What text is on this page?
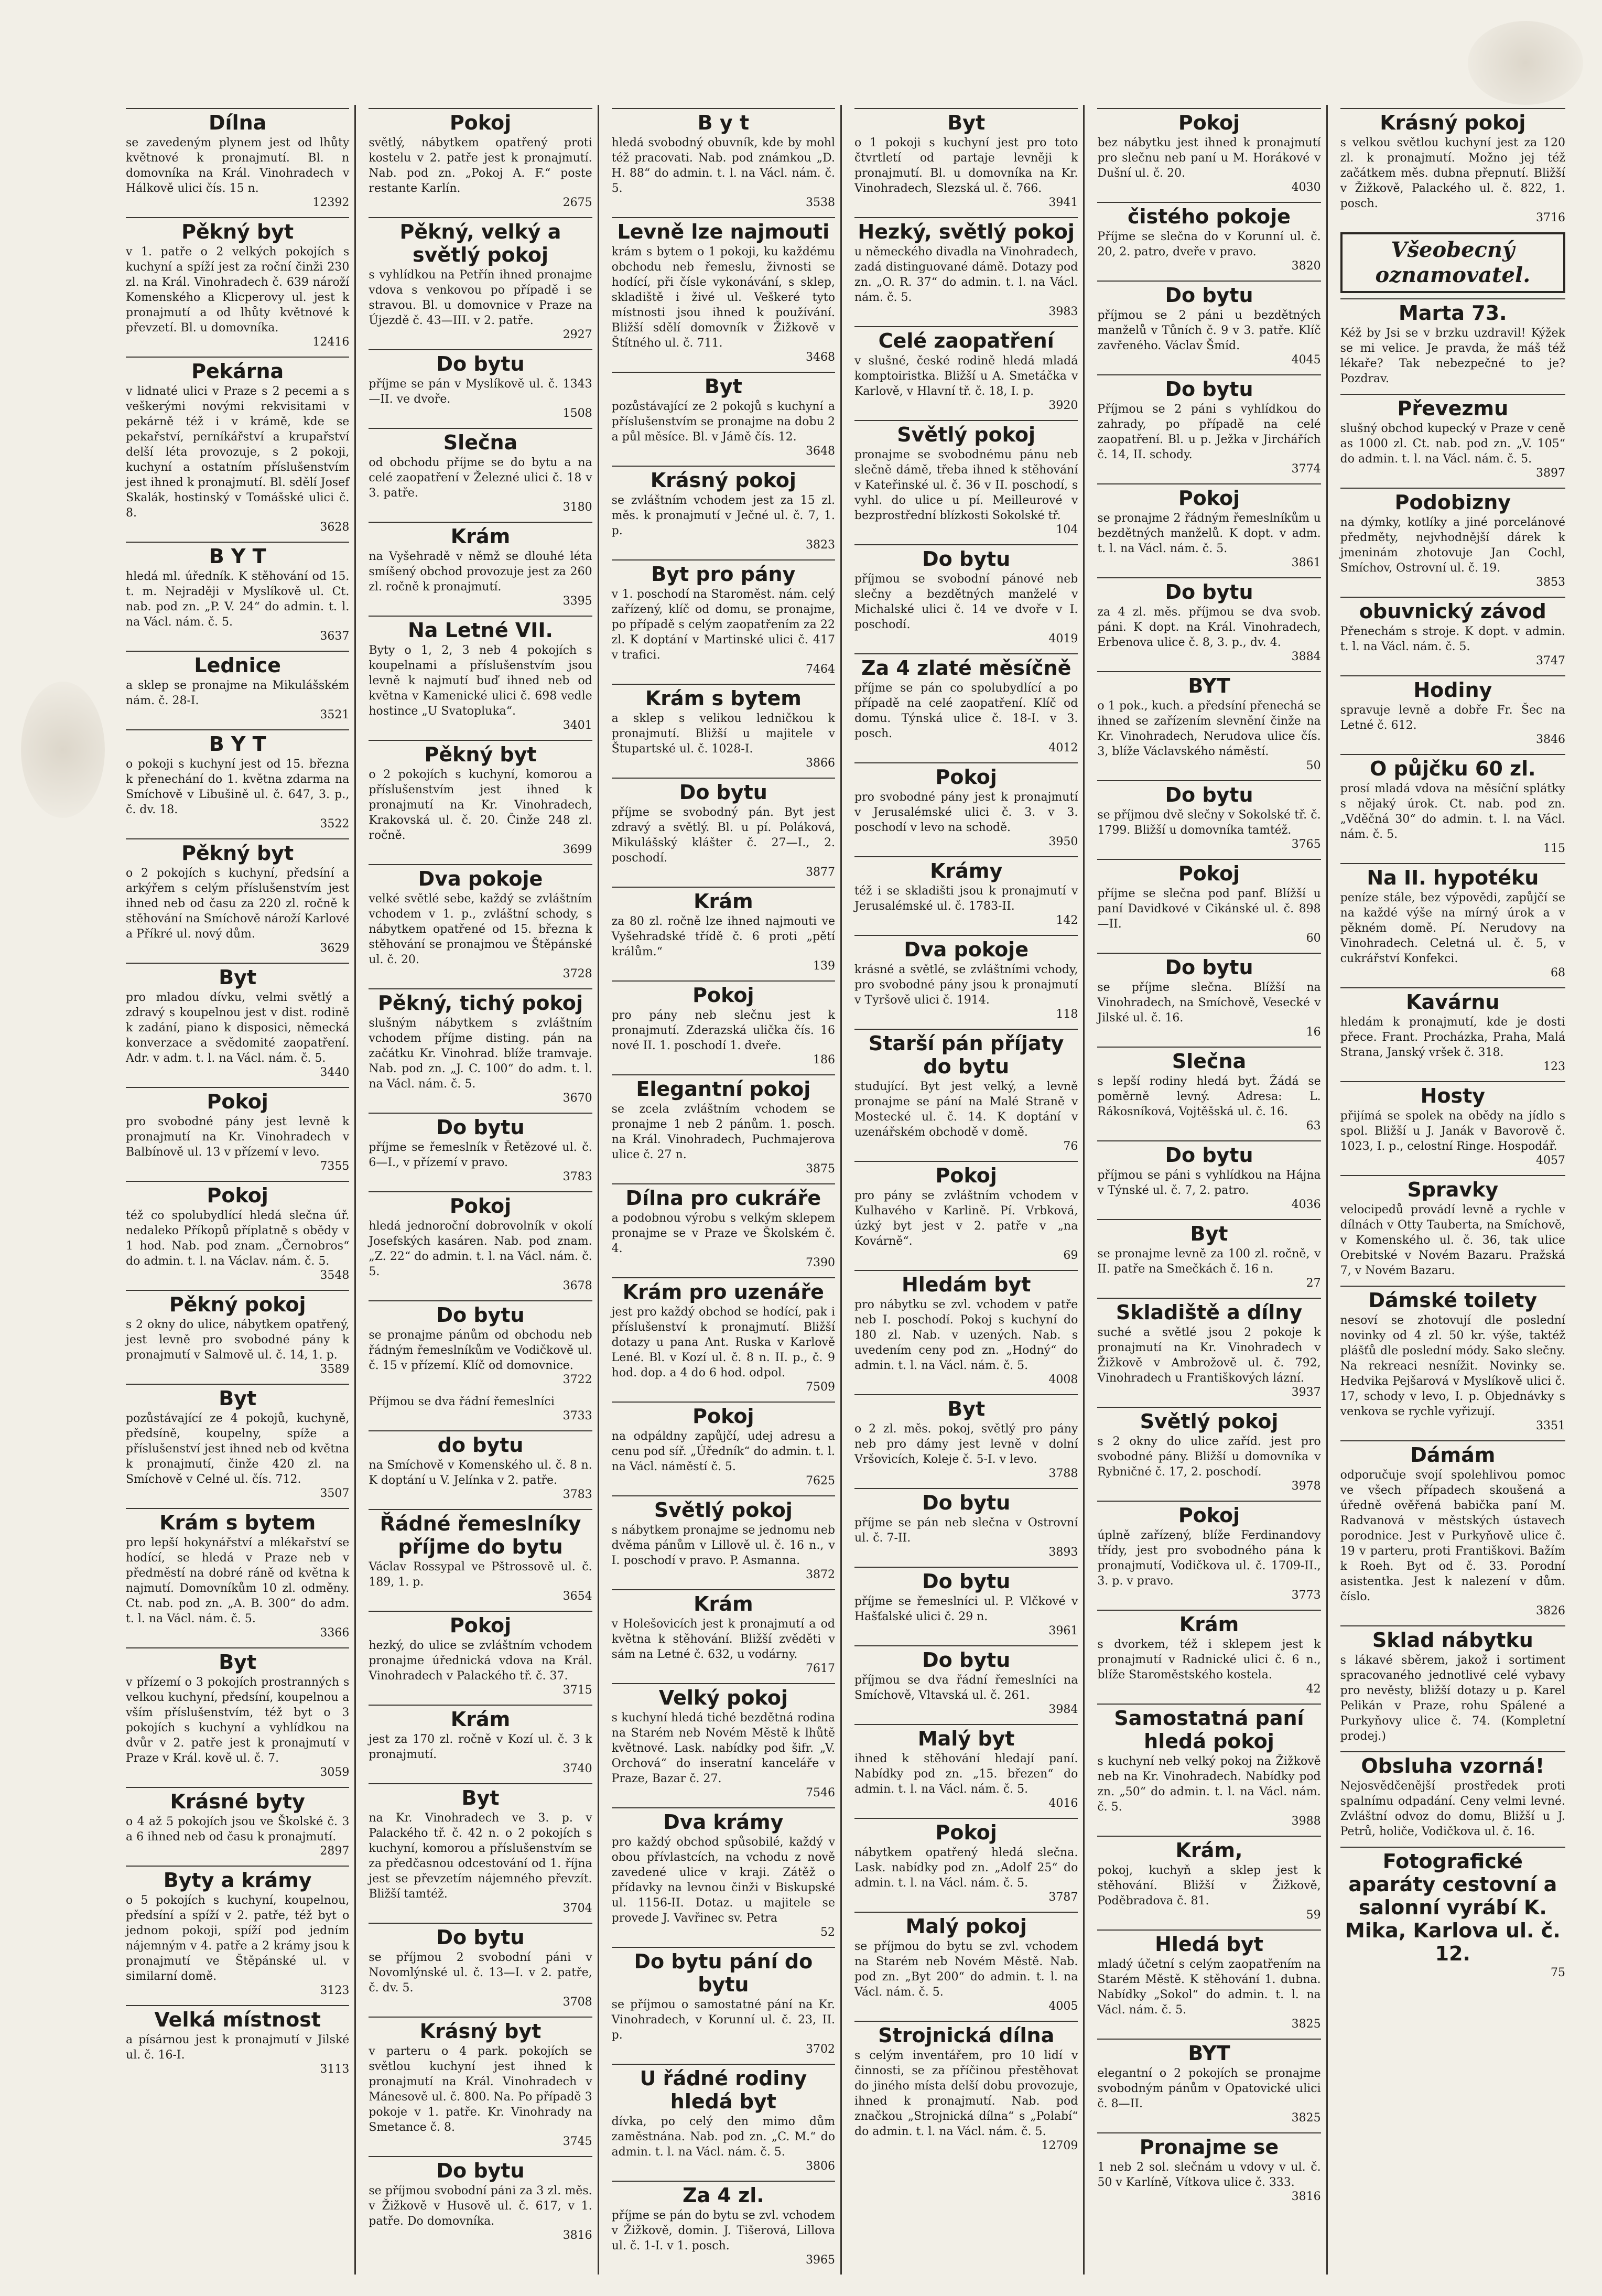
Dílna
se zavedeným plynem jest od lhůty květnové k pronajmutí. Bl. n domovníka na Král. Vinohradech v Hálkově ulici čís. 15 n.
12392
Pěkný byt
v 1. patře o 2 velkých pokojích s kuchyní a spíží jest za roční činži 230 zl. na Král. Vinohradech č. 639 nároží Komenského a Klicperovy ul. jest k pronajmutí a od lhůty květnové k převzetí. Bl. u domovníka.
12416
Pekárna
v lidnaté ulici v Praze s 2 pecemi a s veškerými novými rekvisitami v pekárně též i v krámě, kde se pekařství, perníkářství a krupařství delší léta provozuje, s 2 pokoji, kuchyní a ostatním příslušenstvím jest ihned k pronajmutí. Bl. sdělí Josef Skalák, hostinský v Tomášské ulici č. 8.
3628
B Y T
hledá ml. úředník. K stěhování od 15. t. m. Nejraději v Myslíkově ul. Ct. nab. pod zn. „P. V. 24“ do admin. t. l. na Václ. nám. č. 5.
3637
Lednice
a sklep se pronajme na Mikulášském nám. č. 28-I.
3521
B Y T
o pokoji s kuchyní jest od 15. března k přenechání do 1. května zdarma na Smíchově v Libušině ul. č. 647, 3. p., č. dv. 18.
3522
Pěkný byt
o 2 pokojích s kuchyní, předsíní a arkýřem s celým příslušenstvím jest ihned neb od času za 220 zl. ročně k stěhování na Smíchově nároží Karlové a Příkré ul. nový dům.
3629
Byt
pro mladou dívku, velmi světlý a zdravý s koupelnou jest v dist. rodině k zadání, piano k disposici, německá konverzace a svědomité zaopatření. Adr. v adm. t. l. na Václ. nám. č. 5.
3440
Pokoj
pro svobodné pány jest levně k pronajmutí na Kr. Vinohradech v Balbínově ul. 13 v přízemí v levo.
7355
Pokoj
též co spolubydlící hledá slečna úř. nedaleko Příkopů příplatně s obědy v 1 hod. Nab. pod znam. „Černobros“ do admin. t. l. na Václav. nám. č. 5.
3548
Pěkný pokoj
s 2 okny do ulice, nábytkem opatřený, jest levně pro svobodné pány k pronajmutí v Salmově ul. č. 14, 1. p.
3589
Byt
pozůstávající ze 4 pokojů, kuchyně, předsíně, koupelny, spíže a příslušenství jest ihned neb od května k pronajmutí, činže 420 zl. na Smíchově v Celné ul. čís. 712.
3507
Krám s bytem
pro lepší hokynářství a mlékařství se hodící, se hledá v Praze neb v předměstí na dobré ráně od května k najmutí. Domovníkům 10 zl. odměny. Ct. nab. pod zn. „A. B. 300“ do adm. t. l. na Václ. nám. č. 5.
3366
Byt
v přízemí o 3 pokojích prostranných s velkou kuchyní, předsíní, koupelnou a vším příslušenstvím, též byt o 3 pokojích s kuchyní a vyhlídkou na dvůr v 2. patře jest k pronajmutí v Praze v Král. kově ul. č. 7.
3059
Krásné byty
o 4 až 5 pokojích jsou ve Školské č. 3 a 6 ihned neb od času k pronajmutí.
2897
Byty a krámy
o 5 pokojích s kuchyní, koupelnou, předsíní a spíží v 2. patře, též byt o jednom pokoji, spíží pod jedním nájemným v 4. patře a 2 krámy jsou k pronajmutí ve Štěpánské ul. v similarní domě.
3123
Velká místnost
a písárnou jest k pronajmutí v Jilské ul. č. 16-I.
3113
Pokoj
světlý, nábytkem opatřený proti kostelu v 2. patře jest k pronajmutí. Nab. pod zn. „Pokoj A. F.“ poste restante Karlín.
2675
Pěkný, velký a světlý pokoj
s vyhlídkou na Petřín ihned pronajme vdova s venkovou po případě i se stravou. Bl. u domovnice v Praze na Újezdě č. 43—III. v 2. patře.
2927
Do bytu
příjme se pán v Myslíkově ul. č. 1343—II. ve dvoře.
1508
Slečna
od obchodu příjme se do bytu a na celé zaopatření v Železné ulici č. 18 v 3. patře.
3180
Krám
na Vyšehradě v němž se dlouhé léta smíšený obchod provozuje jest za 260 zl. ročně k pronajmutí.
3395
Na Letné VII.
Byty o 1, 2, 3 neb 4 pokojích s koupelnami a příslušenstvím jsou levně k najmutí buď ihned neb od května v Kamenické ulici č. 698 vedle hostince „U Svatopluka“.
3401
Pěkný byt
o 2 pokojích s kuchyní, komorou a příslušenstvím jest ihned k pronajmutí na Kr. Vinohradech, Krakovská ul. č. 20. Činže 248 zl. ročně.
3699
Dva pokoje
velké světlé sebe, každý se zvláštním vchodem v 1. p., zvláštní schody, s nábytkem opatřené od 15. března k stěhování se pronajmou ve Štěpánské ul. č. 20.
3728
Pěkný, tichý pokoj
slušným nábytkem s zvláštním vchodem příjme disting. pán na začátku Kr. Vinohrad. blíže tramvaje. Nab. pod zn. „J. C. 100“ do adm. t. l. na Václ. nám. č. 5.
3670
Do bytu
příjme se řemeslník v Řetězové ul. č. 6—I., v přízemí v pravo.
3783
Pokoj
hledá jednoroční dobrovolník v okolí Josefských kasáren. Nab. pod znam. „Z. 22“ do admin. t. l. na Václ. nám. č. 5.
3678
Do bytu
se pronajme pánům od obchodu neb řádným řemeslníkům ve Vodičkově ul. č. 15 v přízemí. Klíč od domovnice.
3722
Příjmou se dva řádní řemeslníci
3733
do bytu
na Smíchově v Komenského ul. č. 8 n. K doptání u V. Jelínka v 2. patře.
3783
Řádné řemeslníky příjme do bytu
Václav Rossypal ve Pštrossově ul. č. 189, 1. p.
3654
Pokoj
hezký, do ulice se zvláštním vchodem pronajme úřednická vdova na Král. Vinohradech v Palackého tř. č. 37.
3715
Krám
jest za 170 zl. ročně v Kozí ul. č. 3 k pronajmutí.
3740
Byt
na Kr. Vinohradech ve 3. p. v Palackého tř. č. 42 n. o 2 pokojích s kuchyní, komorou a příslušenstvím se za předčasnou odcestování od 1. října jest se převzetím nájemného převzít. Bližší tamtéž.
3704
Do bytu
se příjmou 2 svobodní páni v Novomlýnské ul. č. 13—I. v 2. patře, č. dv. 5.
3708
Krásný byt
v parteru o 4 park. pokojích se světlou kuchyní jest ihned k pronajmutí na Král. Vinohradech v Mánesově ul. č. 800. Na. Po případě 3 pokoje v 1. patře. Kr. Vinohrady na Smetance č. 8.
3745
Do bytu
se příjmou svobodní páni za 3 zl. měs. v Žižkově v Husově ul. č. 617, v 1. patře. Do domovníka.
3816
B y t
hledá svobodný obuvník, kde by mohl též pracovati. Nab. pod známkou „D. H. 88“ do admin. t. l. na Václ. nám. č. 5.
3538
Levně lze najmouti
krám s bytem o 1 pokoji, ku každému obchodu neb řemeslu, živnosti se hodící, při čísle vykonávání, s sklep, skladiště i živé ul. Veškeré tyto místnosti jsou ihned k používání. Bližší sdělí domovník v Žižkově v Štítného ul. č. 711.
3468
Byt
pozůstávající ze 2 pokojů s kuchyní a příslušenstvím se pronajme na dobu 2 a půl měsíce. Bl. v Jámě čís. 12.
3648
Krásný pokoj
se zvláštním vchodem jest za 15 zl. měs. k pronajmutí v Ječné ul. č. 7, 1. p.
3823
Byt pro pány
v 1. poschodí na Staroměst. nám. celý zařízený, klíč od domu, se pronajme, po případě s celým zaopatřením za 22 zl. K doptání v Martinské ulici č. 417 v trafici.
7464
Krám s bytem
a sklep s velikou ledničkou k pronajmutí. Bližší u majitele v Štupartské ul. č. 1028-I.
3866
Do bytu
příjme se svobodný pán. Byt jest zdravý a světlý. Bl. u pí. Poláková, Mikulášský klášter č. 27—I., 2. poschodí.
3877
Krám
za 80 zl. ročně lze ihned najmouti ve Vyšehradské třídě č. 6 proti „pětí králům.“
139
Pokoj
pro pány neb slečnu jest k pronajmutí. Zderazská ulička čís. 16 nové II. 1. poschodí 1. dveře.
186
Elegantní pokoj
se zcela zvláštním vchodem se pronajme 1 neb 2 pánům. 1. posch. na Král. Vinohradech, Puchmajerova ulice č. 27 n.
3875
Dílna pro cukráře
a podobnou výrobu s velkým sklepem pronajme se v Praze ve Školském č. 4.
7390
Krám pro uzenáře
jest pro každý obchod se hodící, pak i příslušenství k pronajmutí. Bližší dotazy u pana Ant. Ruska v Karlově Lené. Bl. v Kozí ul. č. 8 n. II. p., č. 9 hod. dop. a 4 do 6 hod. odpol.
7509
Pokoj
na odpáldny zapůjčí, udej adresu a cenu pod síř. „Úředník“ do admin. t. l. na Václ. náměstí č. 5.
7625
Světlý pokoj
s nábytkem pronajme se jednomu neb dvěma pánům v Lillově ul. č. 16 n., v I. poschodí v pravo. P. Asmanna.
3872
Krám
v Holešovicích jest k pronajmutí a od května k stěhování. Bližší zvěděti v sám na Letné č. 632, u vodárny.
7617
Velký pokoj
s kuchyní hledá tiché bezdětná rodina na Starém neb Novém Městě k lhůtě květnové. Lask. nabídky pod šifr. „V. Orchová“ do inseratní kanceláře v Praze, Bazar č. 27.
7546
Dva krámy
pro každý obchod spůsobilé, každý v obou přívlastcích, na vchodu z nově zavedené ulice v kraji. Zátěž o přídavky na levnou činži v Biskupské ul. 1156-II. Dotaz. u majitele se provede J. Vavřinec sv. Petra
52
Do bytu pání do bytu
se příjmou o samostatné pání na Kr. Vinohradech, v Korunní ul. č. 23, II. p.
3702
U řádné rodiny hledá byt
dívka, po celý den mimo dům zaměstnána. Nab. pod zn. „C. M.“ do admin. t. l. na Václ. nám. č. 5.
3806
Za 4 zl.
příjme se pán do bytu se zvl. vchodem v Žižkově, domin. J. Tišerová, Lillova ul. č. 1-I. v 1. posch.
3965
Byt
o 1 pokoji s kuchyní jest pro toto čtvrtletí od partaje levněji k pronajmutí. Bl. u domovníka na Kr. Vinohradech, Slezská ul. č. 766.
3941
Hezký, světlý pokoj
u německého divadla na Vinohradech, zadá distinguované dámě. Dotazy pod zn. „O. R. 37“ do admin. t. l. na Václ. nám. č. 5.
3983
Celé zaopatření
v slušné, české rodině hledá mladá komptoiristka. Bližší u A. Smetáčka v Karlově, v Hlavní tř. č. 18, I. p.
3920
Světlý pokoj
pronajme se svobodnému pánu neb slečně dámě, třeba ihned k stěhování v Kateřinské ul. č. 36 v II. poschodí, s vyhl. do ulice u pí. Meilleurové v bezprostřední blízkosti Sokolské tř.
104
Do bytu
příjmou se svobodní pánové neb slečny a bezdětných manželé v Michalské ulici č. 14 ve dvoře v I. poschodí.
4019
Za 4 zlaté měsíčně
příjme se pán co spolubydlící a po případě na celé zaopatření. Klíč od domu. Týnská ulice č. 18-I. v 3. posch.
4012
Pokoj
pro svobodné pány jest k pronajmutí v Jerusalémské ulici č. 3. v 3. poschodí v levo na schodě.
3950
Krámy
též i se skladišti jsou k pronajmutí v Jerusalémské ul. č. 1783-II.
142
Dva pokoje
krásné a světlé, se zvláštními vchody, pro svobodné pány jsou k pronajmutí v Tyršově ulici č. 1914.
118
Starší pán příjaty do bytu
studující. Byt jest velký, a levně pronajme se pání na Malé Straně v Mostecké ul. č. 14. K doptání v uzenářském obchodě v domě.
76
Pokoj
pro pány se zvláštním vchodem v Kulhavého v Karlině. Pí. Vrbková, úzký byt jest v 2. patře v „na Kovárně“.
69
Hledám byt
pro nábytku se zvl. vchodem v patře neb I. poschodí. Pokoj s kuchyní do 180 zl. Nab. v uzených. Nab. s uvedením ceny pod zn. „Hodný“ do admin. t. l. na Václ. nám. č. 5.
4008
Byt
o 2 zl. měs. pokoj, světlý pro pány neb pro dámy jest levně v dolní Vršovicích, Koleje č. 5-I. v levo.
3788
Do bytu
příjme se pán neb slečna v Ostrovní ul. č. 7-II.
3893
Do bytu
příjme se řemeslníci ul. P. Vlčkové v Hašťalské ulici č. 29 n.
3961
Do bytu
příjmou se dva řádní řemeslníci na Smíchově, Vltavská ul. č. 261.
3984
Malý byt
ihned k stěhování hledají paní. Nabídky pod zn. „15. březen“ do admin. t. l. na Václ. nám. č. 5.
4016
Pokoj
nábytkem opatřený hledá slečna. Lask. nabídky pod zn. „Adolf 25“ do admin. t. l. na Václ. nám. č. 5.
3787
Malý pokoj
se příjmou do bytu se zvl. vchodem na Starém neb Novém Městě. Nab. pod zn. „Byt 200“ do admin. t. l. na Václ. nám. č. 5.
4005
Strojnická dílna
s celým inventářem, pro 10 lidí v činnosti, se za příčinou přestěhovat do jiného místa delší dobu provozuje, ihned k pronajmutí. Nab. pod značkou „Strojnická dílna“ s „Polabí“ do admin. t. l. na Václ. nám. č. 5.
12709
Pokoj
bez nábytku jest ihned k pronajmutí pro slečnu neb paní u M. Horákové v Dušní ul. č. 20.
4030
čistého pokoje
Příjme se slečna do v Korunní ul. č. 20, 2. patro, dveře v pravo.
3820
Do bytu
příjmou se 2 páni u bezdětných manželů v Tůních č. 9 v 3. patře. Klíč zavřeného. Václav Šmíd.
4045
Do bytu
Příjmou se 2 páni s vyhlídkou do zahrady, po případě na celé zaopatření. Bl. u p. Ježka v Jirchářích č. 14, II. schody.
3774
Pokoj
se pronajme 2 řádným řemeslníkům u bezdětných manželů. K dopt. v adm. t. l. na Václ. nám. č. 5.
3861
Do bytu
za 4 zl. měs. příjmou se dva svob. páni. K dopt. na Král. Vinohradech, Erbenova ulice č. 8, 3. p., dv. 4.
3884
BYT
o 1 pok., kuch. a předsíní přenechá se ihned se zařízením slevnění činže na Kr. Vinohradech, Nerudova ulice čís. 3, blíže Václavského náměstí.
50
Do bytu
se příjmou dvě slečny v Sokolské tř. č. 1799. Bližší u domovníka tamtéž.
3765
Pokoj
příjme se slečna pod panf. Blížší u paní Davidkové v Cikánské ul. č. 898—II.
60
Do bytu
se příjme slečna. Blížší na Vinohradech, na Smíchově, Vesecké v Jilské ul. č. 16.
16
Slečna
s lepší rodiny hledá byt. Žádá se poměrně levný. Adresa: L. Rákosníková, Vojtěšská ul. č. 16.
63
Do bytu
příjmou se páni s vyhlídkou na Hájna v Týnské ul. č. 7, 2. patro.
4036
Byt
se pronajme levně za 100 zl. ročně, v II. patře na Smečkách č. 16 n.
27
Skladiště a dílny
suché a světlé jsou 2 pokoje k pronajmutí na Kr. Vinohradech v Žižkově v Ambrožově ul. č. 792, Vinohradech u Františkových lázní.
3937
Světlý pokoj
s 2 okny do ulice zaříd. jest pro svobodné pány. Bližší u domovníka v Rybničné č. 17, 2. poschodí.
3978
Pokoj
úplně zařízený, blíže Ferdinandovy třídy, jest pro svobodného pána k pronajmutí, Vodičkova ul. č. 1709-II., 3. p. v pravo.
3773
Krám
s dvorkem, též i sklepem jest k pronajmutí v Radnické ulici č. 6 n., blíže Staroměstského kostela.
42
Samostatná paní hledá pokoj
s kuchyní neb velký pokoj na Žižkově neb na Kr. Vinohradech. Nabídky pod zn. „50“ do admin. t. l. na Václ. nám. č. 5.
3988
Krám,
pokoj, kuchyň a sklep jest k stěhování. Bližší v Žižkově, Poděbradova č. 81.
59
Hledá byt
mladý účetní s celým zaopatřením na Starém Městě. K stěhování 1. dubna. Nabídky „Sokol“ do admin. t. l. na Václ. nám. č. 5.
3825
BYT
elegantní o 2 pokojích se pronajme svobodným pánům v Opatovické ulici č. 8—II.
3825
Pronajme se
1 neb 2 sol. slečnám u vdovy v ul. č. 50 v Karlíně, Vítkova ulice č. 333.
3816
Krásný pokoj
s velkou světlou kuchyní jest za 120 zl. k pronajmutí. Možno jej též začátkem měs. dubna přepnutí. Bližší v Žižkově, Palackého ul. č. 822, 1. posch.
3716
Všeobecný oznamovatel.
Marta 73.
Kéž by Jsi se v brzku uzdravil! Kýžek se mi velice. Je pravda, že máš též lékaře? Tak nebezpečné to je? Pozdrav.
Převezmu
slušný obchod kupecký v Praze v ceně as 1000 zl. Ct. nab. pod zn. „V. 105“ do admin. t. l. na Václ. nám. č. 5.
3897
Podobizny
na dýmky, kotlíky a jiné porcelánové předměty, nejvhodnější dárek k jmeninám zhotovuje Jan Cochl, Smíchov, Ostrovní ul. č. 19.
3853
obuvnický závod
Přenechám s stroje. K dopt. v admin. t. l. na Václ. nám. č. 5.
3747
Hodiny
spravuje levně a dobře Fr. Šec na Letné č. 612.
3846
O půjčku 60 zl.
prosí mladá vdova na měsíční splátky s nějaký úrok. Ct. nab. pod zn. „Vděčná 30“ do admin. t. l. na Václ. nám. č. 5.
115
Na II. hypotéku
peníze stále, bez výpovědi, zapůjčí se na každé výše na mírný úrok a v pěkném domě. Pí. Nerudovy na Vinohradech. Celetná ul. č. 5, v cukrářství Konfekci.
68
Kavárnu
hledám k pronajmutí, kde je dosti přece. Frant. Procházka, Praha, Malá Strana, Janský vršek č. 318.
123
Hosty
přijímá se spolek na obědy na jídlo s spol. Bližší u J. Janák v Bavorově č. 1023, I. p., celostní Ringe. Hospodář.
4057
Spravky
velocipedů provádí levně a rychle v dílnách v Otty Tauberta, na Smíchově, v Komenského ul. č. 36, tak ulice Orebitské v Novém Bazaru. Pražská 7, v Novém Bazaru.
Dámské toilety
nesoví se zhotovují dle poslední novinky od 4 zl. 50 kr. výše, taktéž plášťů dle poslední módy. Sako slečny. Na rekreaci nesnížit. Novinky se. Hedvika Pejšarová v Myslíkově ulici č. 17, schody v levo, I. p. Objednávky s venkova se rychle vyřizují.
3351
Dámám
odporučuje svojí spolehlivou pomoc ve všech případech skoušená a úředně ověřená babička paní M. Radvanová v městských ústavech porodnice. Jest v Purkyňově ulice č. 19 v parteru, proti Františkovi. Bažím k Roeh. Byt od č. 33. Porodní asistentka. Jest k nalezení v dům. číslo.
3826
Sklad nábytku
s lákavé sběrem, jakož i sortiment spracovaného jednotlivé celé vybavy pro nevěsty, bližší dotazy u p. Karel Pelikán v Praze, rohu Spálené a Purkyňovy ulice č. 74. (Kompletní prodej.)
Obsluha vzorná!
Nejosvědčenější prostředek proti spalnímu odpadání. Ceny velmi levné. Zvláštní odvoz do domu, Bližší u J. Petrů, holiče, Vodičkova ul. č. 16.
Fotografické aparáty cestovní a salonní vyrábí K. Mika, Karlova ul. č. 12.
75
